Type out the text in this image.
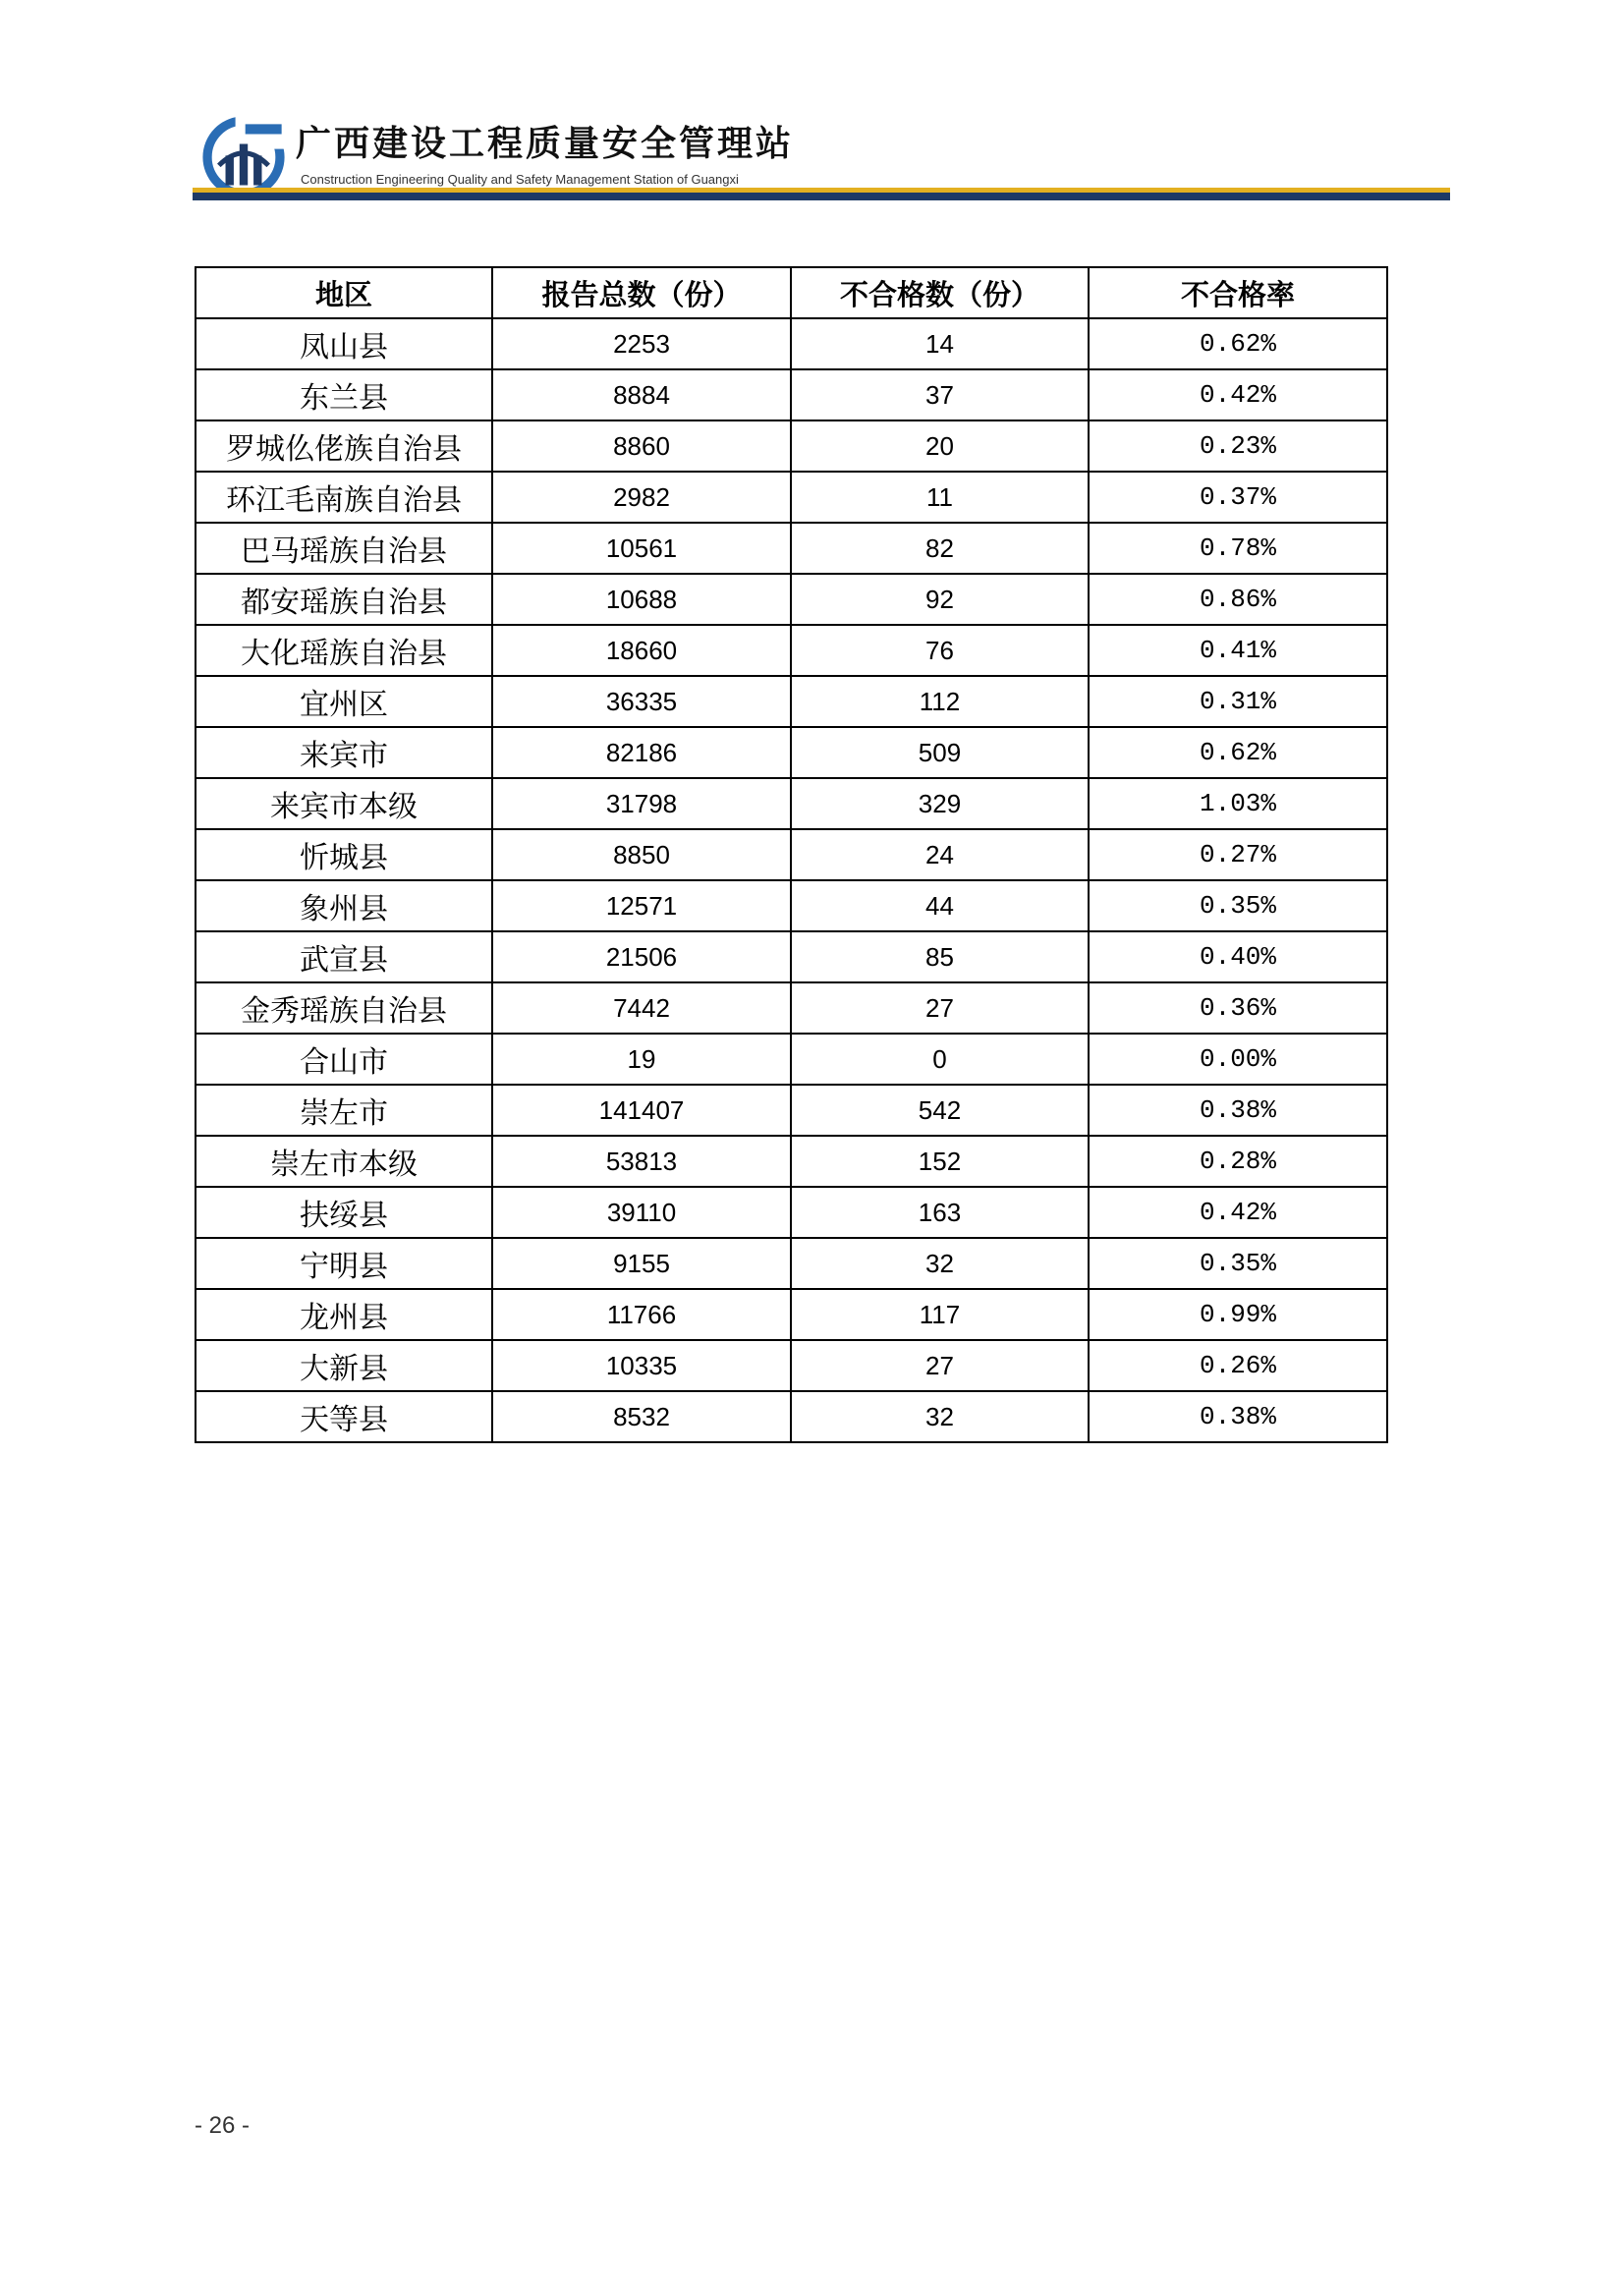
广西建设工程质量安全管理站
Construction Engineering Quality and Safety Management Station of Guangxi
地区	报告总数（份）	不合格数（份）	不合格率
凤山县	2253	14	0.62%
东兰县	8884	37	0.42%
罗城仫佬族自治县	8860	20	0.23%
环江毛南族自治县	2982	11	0.37%
巴马瑶族自治县	10561	82	0.78%
都安瑶族自治县	10688	92	0.86%
大化瑶族自治县	18660	76	0.41%
宜州区	36335	112	0.31%
来宾市	82186	509	0.62%
来宾市本级	31798	329	1.03%
忻城县	8850	24	0.27%
象州县	12571	44	0.35%
武宣县	21506	85	0.40%
金秀瑶族自治县	7442	27	0.36%
合山市	19	0	0.00%
崇左市	141407	542	0.38%
崇左市本级	53813	152	0.28%
扶绥县	39110	163	0.42%
宁明县	9155	32	0.35%
龙州县	11766	117	0.99%
大新县	10335	27	0.26%
天等县	8532	32	0.38%
- 26 -
